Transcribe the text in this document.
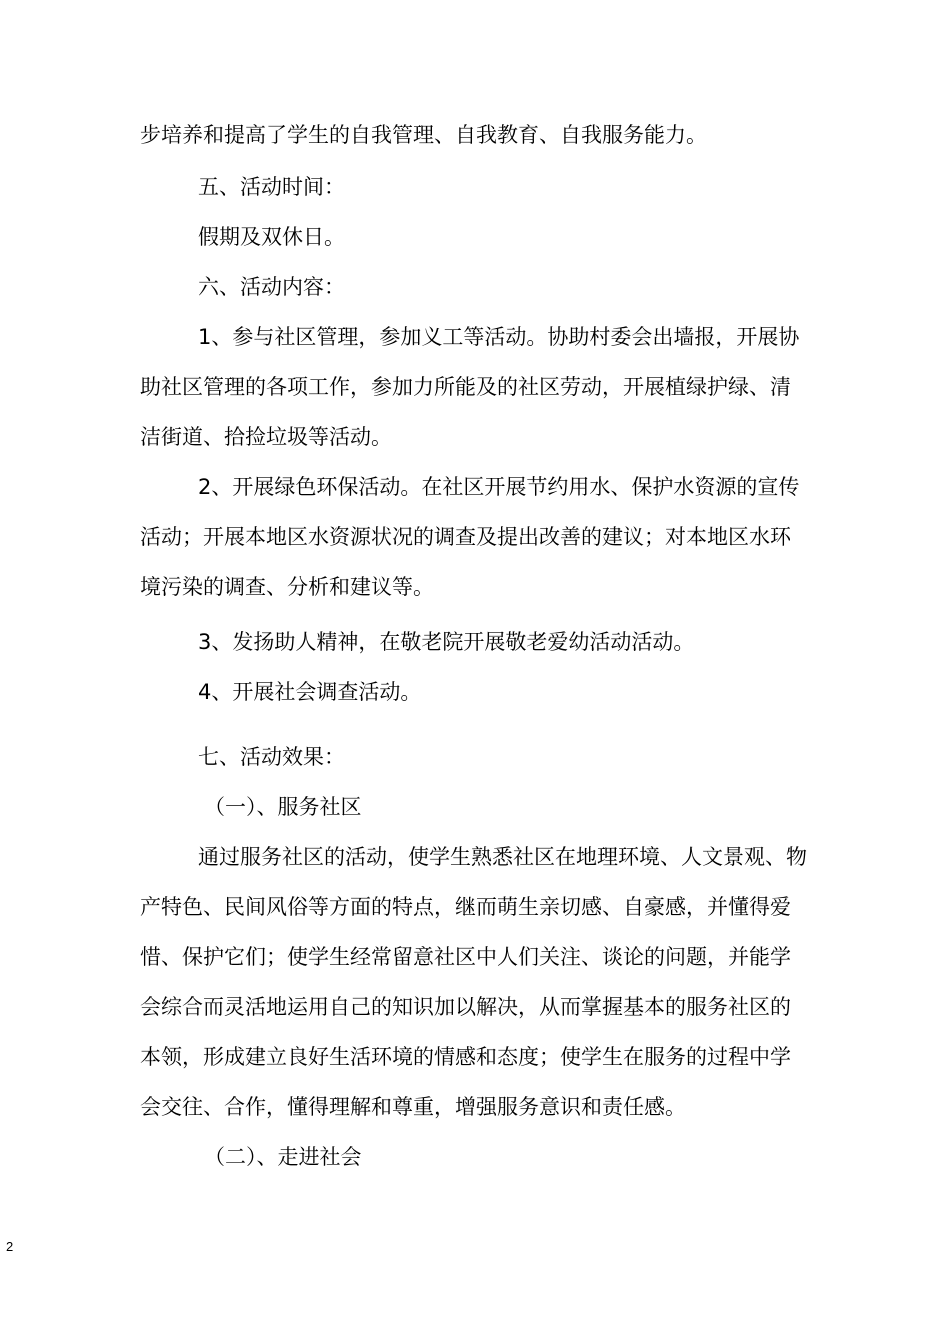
步培养和提高了学生的自我管理、自我教育、自我服务能力。
五、活动时间：
假期及双休日。
六、活动内容：
1、参与社区管理，参加义工等活动。协助村委会出墙报，开展协
助社区管理的各项工作，参加力所能及的社区劳动，开展植绿护绿、清
洁街道、拾捡垃圾等活动。
2、开展绿色环保活动。在社区开展节约用水、保护水资源的宣传
活动；开展本地区水资源状况的调查及提出改善的建议；对本地区水环
境污染的调查、分析和建议等。
3、发扬助人精神，在敬老院开展敬老爱幼活动活动。
4、开展社会调查活动。
七、活动效果：
（一）、服务社区
通过服务社区的活动，使学生熟悉社区在地理环境、人文景观、物
产特色、民间风俗等方面的特点，继而萌生亲切感、自豪感，并懂得爱
惜、保护它们；使学生经常留意社区中人们关注、谈论的问题，并能学
会综合而灵活地运用自己的知识加以解决，从而掌握基本的服务社区的
本领，形成建立良好生活环境的情感和态度；使学生在服务的过程中学
会交往、合作，懂得理解和尊重，增强服务意识和责任感。
（二）、走进社会
2
